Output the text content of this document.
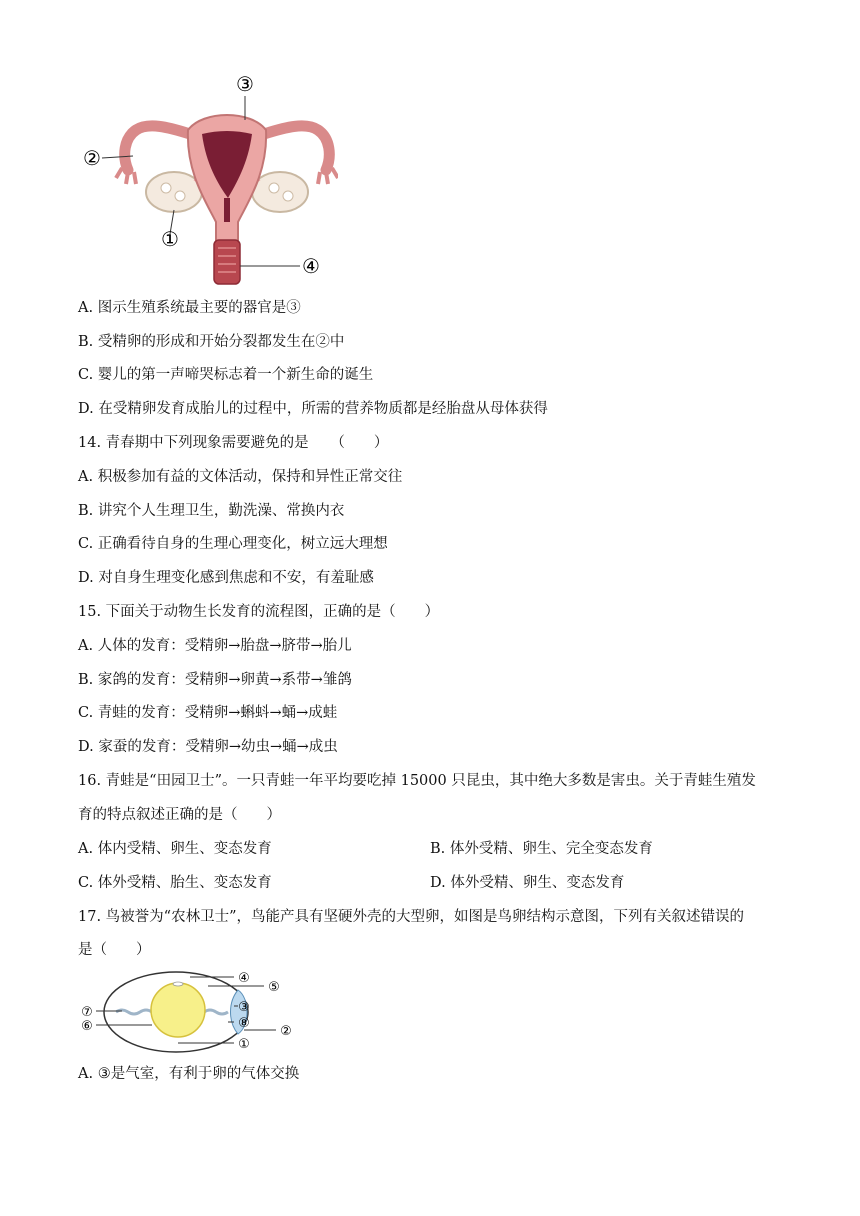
③
②
①
④
A. 图示生殖系统最主要的器官是③
B. 受精卵的形成和开始分裂都发生在②中
C. 婴儿的第一声啼哭标志着一个新生命的诞生
D. 在受精卵发育成胎儿的过程中，所需的营养物质都是经胎盘从母体获得
14. 青春期中下列现象需要避免的是　　（　　）
A. 积极参加有益的文体活动，保持和异性正常交往
B. 讲究个人生理卫生，勤洗澡、常换内衣
C. 正确看待自身的生理心理变化，树立远大理想
D. 对自身生理变化感到焦虑和不安，有羞耻感
15. 下面关于动物生长发育的流程图，正确的是（　　）
A. 人体的发育：受精卵→胎盘→脐带→胎儿
B. 家鸽的发育：受精卵→卵黄→系带→雏鸽
C. 青蛙的发育：受精卵→蝌蚪→蛹→成蛙
D. 家蚕的发育：受精卵→幼虫→蛹→成虫
16. 青蛙是“田园卫士”。一只青蛙一年平均要吃掉 15000 只昆虫，其中绝大多数是害虫。关于青蛙生殖发
育的特点叙述正确的是（　　）
A. 体内受精、卵生、变态发育	B. 体外受精、卵生、完全变态发育
C. 体外受精、胎生、变态发育	D. 体外受精、卵生、变态发育
17. 鸟被誉为“农林卫士”，鸟能产具有坚硬外壳的大型卵，如图是鸟卵结构示意图，下列有关叙述错误的
是（　　）
④
⑤
③
⑧
②
①
⑦
⑥
A. ③是气室，有利于卵的气体交换
